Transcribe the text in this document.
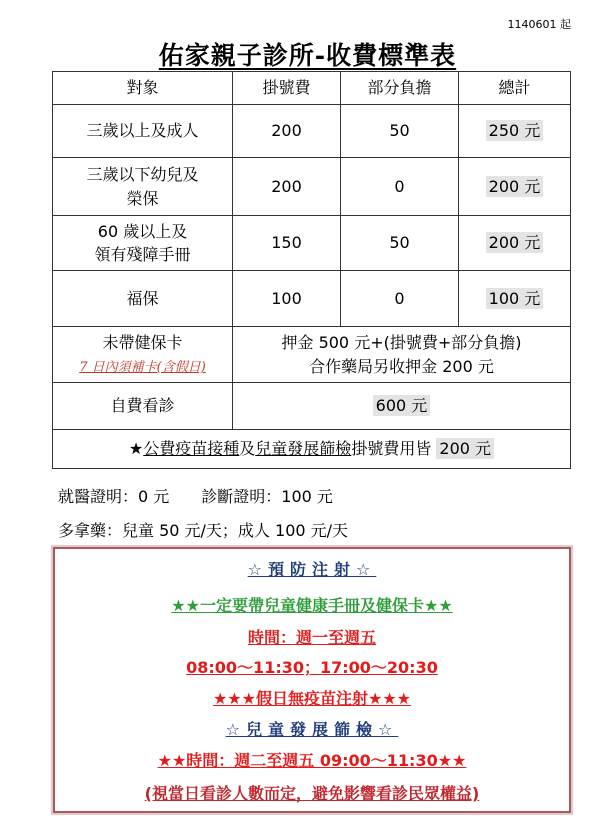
1140601 起
佑家親子診所-收費標準表
對象	掛號費	部分負擔	總計
三歲以上及成人	200	50	250 元
三歲以下幼兒及
榮保	200	0	200 元
60 歲以上及
領有殘障手冊	150	50	200 元
福保	100	0	100 元
未帶健保卡
7 日內須補卡(含假日)	押金 500 元+(掛號費+部分負擔)
合作藥局另收押金 200 元		
自費看診	600 元		
★公費疫苗接種及兒童發展篩檢掛號費用皆 200 元			
就醫證明：0 元　　診斷證明：100 元
多拿藥：兒童 50 元/天；成人 100 元/天
☆預防注射☆
★★一定要帶兒童健康手冊及健保卡★★
時間：週一至週五
08:00～11:30；17:00～20:30
★★★假日無疫苗注射★★★
☆兒童發展篩檢☆
★★時間：週二至週五 09:00～11:30★★
(視當日看診人數而定，避免影響看診民眾權益)
